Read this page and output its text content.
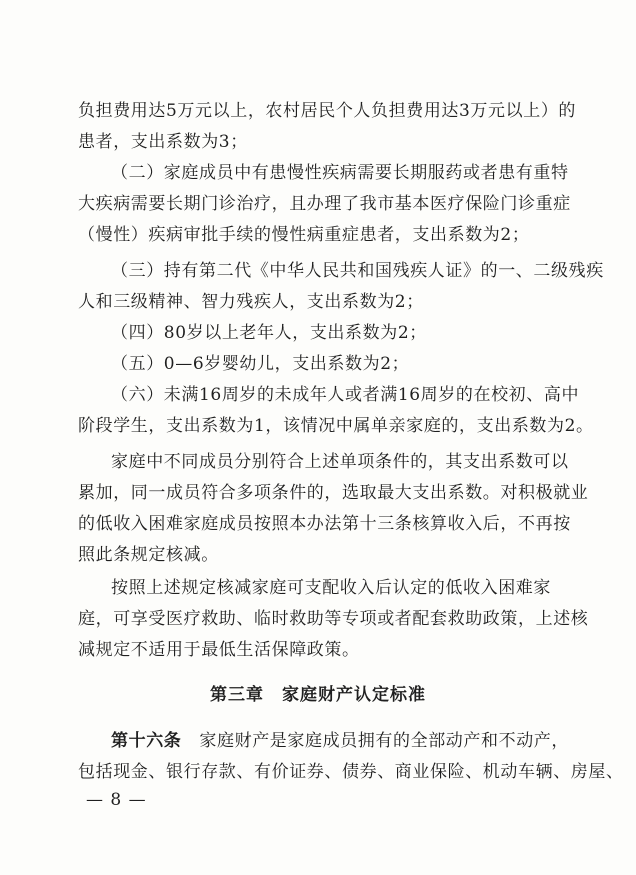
负担费用达5万元以上，农村居民个人负担费用达3万元以上）的
患者，支出系数为3；
（二）家庭成员中有患慢性疾病需要长期服药或者患有重特
大疾病需要长期门诊治疗，且办理了我市基本医疗保险门诊重症
（慢性）疾病审批手续的慢性病重症患者，支出系数为2；
（三）持有第二代《中华人民共和国残疾人证》的一、二级残疾
人和三级精神、智力残疾人，支出系数为2；
（四）80岁以上老年人，支出系数为2；
（五）0—6岁婴幼儿，支出系数为2；
（六）未满16周岁的未成年人或者满16周岁的在校初、高中
阶段学生，支出系数为1，该情况中属单亲家庭的，支出系数为2。
家庭中不同成员分别符合上述单项条件的，其支出系数可以
累加，同一成员符合多项条件的，选取最大支出系数。对积极就业
的低收入困难家庭成员按照本办法第十三条核算收入后，不再按
照此条规定核减。
按照上述规定核减家庭可支配收入后认定的低收入困难家
庭，可享受医疗救助、临时救助等专项或者配套救助政策，上述核
减规定不适用于最低生活保障政策。
第三章　家庭财产认定标准
第十六条 家庭财产是家庭成员拥有的全部动产和不动产，
包括现金、银行存款、有价证券、债券、商业保险、机动车辆、房屋、
— 8 —
